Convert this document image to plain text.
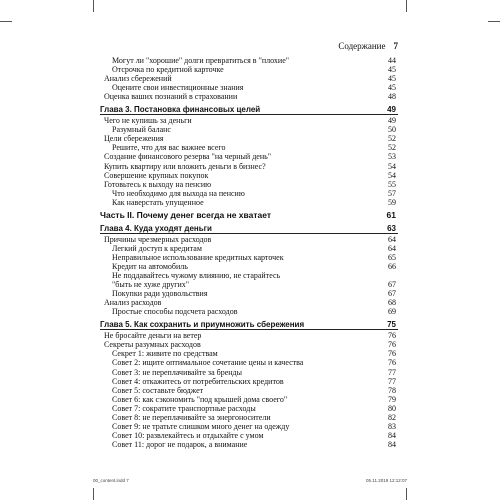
Содержание 7
Могут ли "хорошие" долги превратиться в "плохие"	44
Отсрочка по кредитной карточке	45
Анализ сбережений	45
Оцените свои инвестиционные знания	45
Оценка ваших познаний в страховании	48
Глава 3. Постановка финансовых целей	49
Чего не купишь за деньги	49
Разумный баланс	50
Цели сбережения	52
Решите, что для вас важнее всего	52
Создание финансового резерва "на черный день"	53
Купить квартиру или вложить деньги в бизнес?	54
Совершение крупных покупок	54
Готовьтесь к выходу на пенсию	55
Что необходимо для выхода на пенсию	57
Как наверстать упущенное	59
Часть II. Почему денег всегда не хватает	61
Глава 4. Куда уходят деньги	63
Причины чрезмерных расходов	64
Легкий доступ к кредитам	64
Неправильное использование кредитных карточек	65
Кредит на автомобиль	66
Не поддавайтесь чужому влиянию, не старайтесь
"быть не хуже других"	67
Покупки ради удовольствия	67
Анализ расходов	68
Простые способы подсчета расходов	69
Глава 5. Как сохранить и приумножить сбережения	75
Не бросайте деньги на ветер	76
Секреты разумных расходов	76
Секрет 1: живите по средствам	76
Совет 2: ищите оптимальное сочетание цены и качества	76
Совет 3: не переплачивайте за бренды	77
Совет 4: откажитесь от потребительских кредитов	77
Совет 5: составьте бюджет	78
Совет 6: как сэкономить "под крышей дома своего"	79
Совет 7: сократите транспортные расходы	80
Совет 8: не переплачивайте за энергоносители	82
Совет 9: не тратьте слишком много денег на одежду	83
Совет 10: развлекайтесь и отдыхайте с умом	84
Совет 11: дорог не подарок, а внимание	84
00_content.indd 7	05.11.2019 12:12:07
